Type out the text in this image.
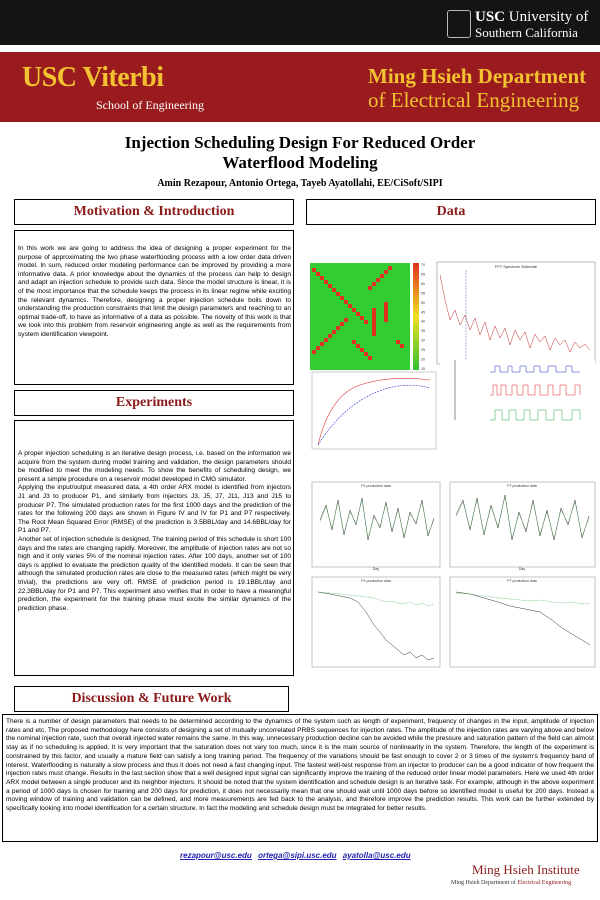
USC University of
Southern California
USC Viterbi
School of Engineering
Ming Hsieh Department
of Electrical Engineering
Injection Scheduling Design For Reduced Order
Waterflood Modeling
Amin Rezapour, Antonio Ortega, Tayeb Ayatollahi, EE/CiSoft/SIPI
Motivation & Introduction
In this work we are going to address the idea of designing a proper experiment for the purpose of approximating the two phase waterflooding process with a low order data driven model. In sum, reduced order modeling performance can be improved by providing a more informative data. A prior knowledge about the dynamics of the process can help to design and adapt an injection schedule to provide such data. Since the model structure is linear, it is of the most importance that the schedule keeps the process in its linear regime while exciting the relevant dynamics. Therefore, designing a proper injection schedule boils down to understanding the production constraints that limit the design parameters and reaching to an optimal trade-off, to have as informative of a data as possible. The novelty of this work is that we look into this problem from reservoir engineering angle as well as the requirements from system identification viewpoint.
Data
Experiments
A proper injection scheduling is an iterative design process, i.e. based on the information we acquire from the system during model training and validation, the design parameters should be modified to meet the modeling needs. To show the benefits of scheduling design, we present a simple procedure on a reservoir model developed in CMG simulator.
Applying the input/output measured data, a 4th order ARX model is identified from injectors J1 and J3 to producer P1, and similarly from injectors J3, J5, J7, J11, J13 and J15 to producer P7. The simulated production rates for the first 1000 days and the prediction of the rates for the following 200 days are shown in Figure IV and IV for P1 and P7 respectively. The Root Mean Squared Error (RMSE) of the prediction is 3.5BBL/day and 14.6BBL/day for P1 and P7.
Another set of injection schedule is designed. The training period of this schedule is short 100 days and the rates are changing rapidly. Moreover, the amplitude of injection rates are not so high and it only varies 5% of the nominal injection rates. After 100 days, another set of 100 days is applied to evaluate the prediction quality of the identified models. It can be seen that although the simulated production rates are close to the measured rates (which might be very trivial), the predictions are very off. RMSE of prediction period is 19.1BBL/day and 22.3BBL/day for P1 and P7. This experiment also verifies that in order to have a meaningful prediction, the experiment for the training phase must excite the similar dynamics of the prediction phase.
Discussion & Future Work
There is a number of design parameters that needs to be determined according to the dynamics of the system such as length of experiment, frequency of changes in the input, amplitude of injection rates and etc. The proposed methodology here consists of designing a set of mutually uncorrelated PRBS sequences for injection rates. The amplitude of the injection rates are varying above and below the nominal injection rate, such that overall injected water remains the same. In this way, unnecessary production decline can be avoided while the pressure and saturation pattern of the field can almost stay as if no scheduling is applied. It is very important that the saturation does not vary too much, since it is the main source of nonlinearity in the system. Therefore, the length of the experiment is constrained by this factor, and usually a mature field can satisfy a long training period. The frequency of the variations should be fast enough to cover 2 or 3 times of the system's frequency band of interest. Waterflooding is naturally a slow process and thus it does not need a fast changing input. The fastest well-test response from an injector to producer can be a good indicator of how frequent the injection rates must change. Results in the last section show that a well designed input signal can significantly improve the training of the reduced order linear model parameters. Here we used 4th order ARX model between a single producer and its neighbor injectors. It should be noted that the system identification and schedule design is an iterative task. For example, although in the above experiment a period of 1000 days is chosen for training and 200 days for prediction, it does not necessarily mean that one should wait until 1000 days before so identified model is useful for 200 days. Instead a moving window of training and validation can be defined, and more measurements are fed back to the analysis, and therefore improve the prediction results. This work can be further extended by specifically looking into model identification for a certain structure. In fact the modeling and schedule design must be integrated for better results.
70
65
60
55
50
45
40
35
30
25
20
15
FFT Spectrum Estimate
P1 production data
Day
P7 production data
Day
P1 production data	P7 production data
rezapour@usc.edu ortega@sipi.usc.edu ayatolla@usc.edu
Ming Hsieh Institute
Ming Hsieh Department of Electrical Engineering
